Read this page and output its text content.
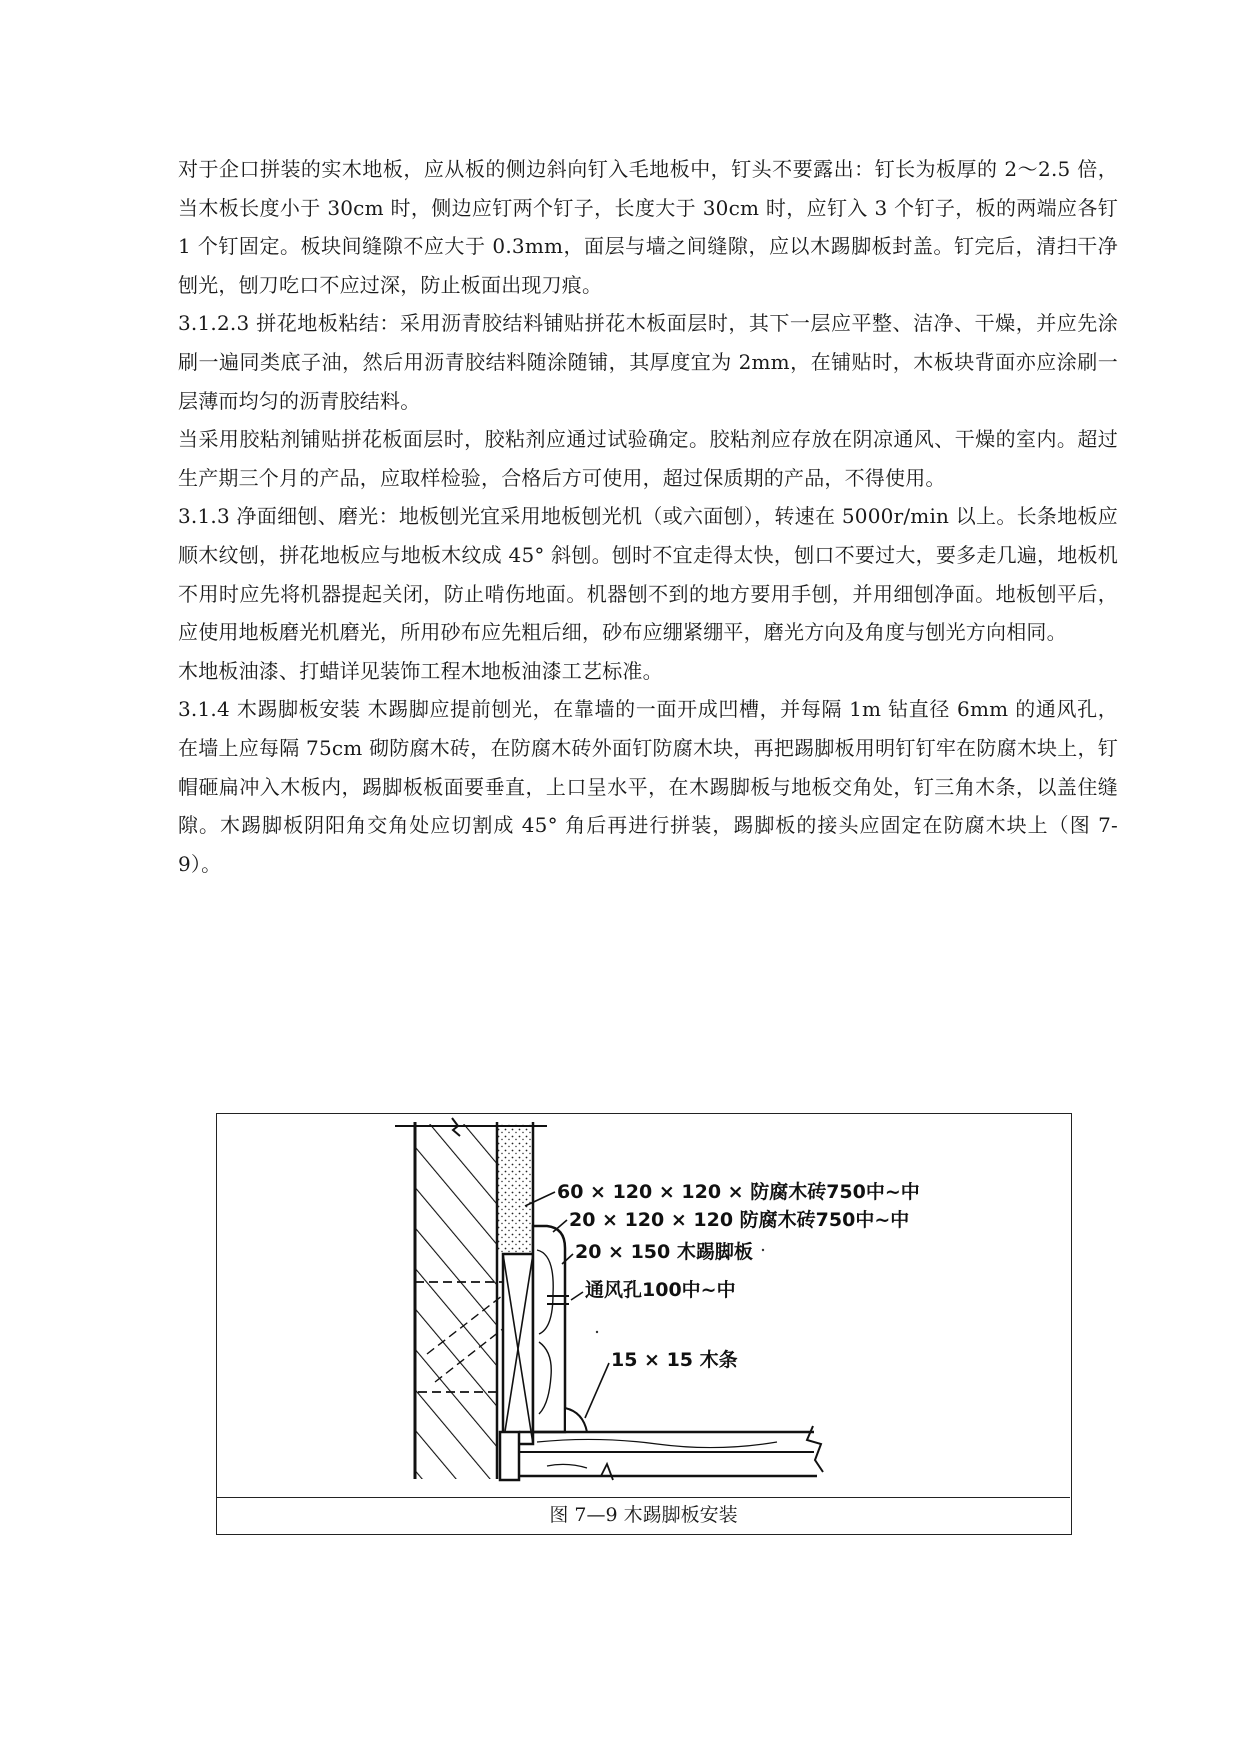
对于企口拼装的实木地板，应从板的侧边斜向钉入毛地板中，钉头不要露出：钉长为板厚的 2～2.5 倍，当木板长度小于 30cm 时，侧边应钉两个钉子，长度大于 30cm 时，应钉入 3 个钉子，板的两端应各钉 1 个钉固定。板块间缝隙不应大于 0.3mm，面层与墙之间缝隙，应以木踢脚板封盖。钉完后，清扫干净刨光，刨刀吃口不应过深，防止板面出现刀痕。

3.1.2.3 拼花地板粘结：采用沥青胶结料铺贴拼花木板面层时，其下一层应平整、洁净、干燥，并应先涂刷一遍同类底子油，然后用沥青胶结料随涂随铺，其厚度宜为 2mm，在铺贴时，木板块背面亦应涂刷一层薄而均匀的沥青胶结料。

当采用胶粘剂铺贴拼花板面层时，胶粘剂应通过试验确定。胶粘剂应存放在阴凉通风、干燥的室内。超过生产期三个月的产品，应取样检验，合格后方可使用，超过保质期的产品，不得使用。

3.1.3 净面细刨、磨光：地板刨光宜采用地板刨光机（或六面刨），转速在 5000r/min 以上。长条地板应顺木纹刨，拼花地板应与地板木纹成 45° 斜刨。刨时不宜走得太快，刨口不要过大，要多走几遍，地板机不用时应先将机器提起关闭，防止啃伤地面。机器刨不到的地方要用手刨，并用细刨净面。地板刨平后，应使用地板磨光机磨光，所用砂布应先粗后细，砂布应绷紧绷平，磨光方向及角度与刨光方向相同。

木地板油漆、打蜡详见装饰工程木地板油漆工艺标准。

3.1.4 木踢脚板安装 木踢脚应提前刨光，在靠墙的一面开成凹槽，并每隔 1m 钻直径 6mm 的通风孔，在墙上应每隔 75cm 砌防腐木砖，在防腐木砖外面钉防腐木块，再把踢脚板用明钉钉牢在防腐木块上，钉帽砸扁冲入木板内，踢脚板板面要垂直，上口呈水平，在木踢脚板与地板交角处，钉三角木条，以盖住缝隙。木踢脚板阴阳角交角处应切割成 45° 角后再进行拼装，踢脚板的接头应固定在防腐木块上（图 7-9）。

60 × 120 × 120 × 防腐木砖750中~中
20 × 120 × 120 防腐木砖750中~中
20 × 150 木踢脚板
通风孔100中~中
15 × 15 木条
图 7—9 木踢脚板安装
